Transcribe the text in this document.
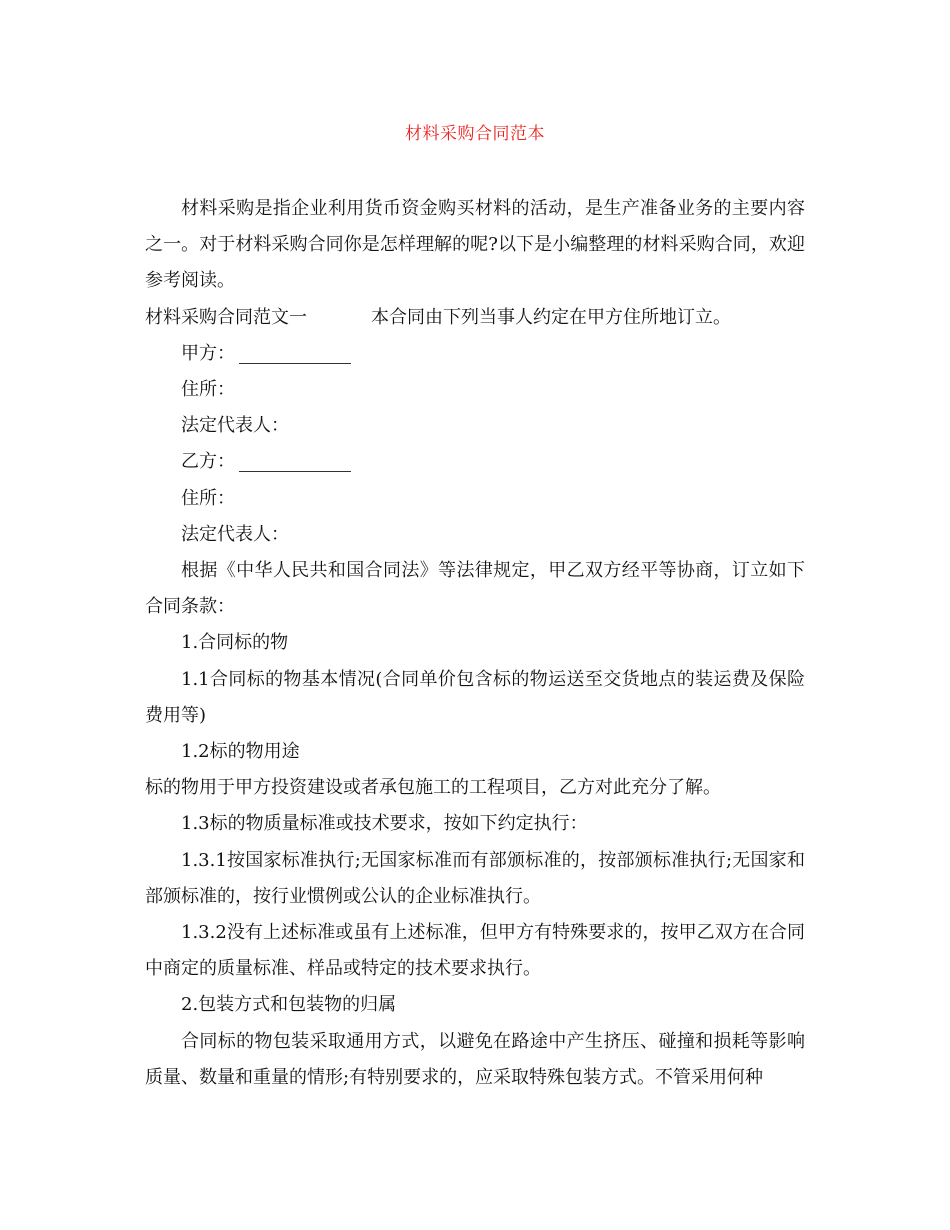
材料采购合同范本

材料采购是指企业利用货币资金购买材料的活动，是生产准备业务的主要内容之一。对于材料采购合同你是怎样理解的呢?以下是小编整理的材料采购合同，欢迎参考阅读。

材料采购合同范文一	本合同由下列当事人约定在甲方住所地订立。

甲方：

住所：

法定代表人：

乙方：

住所：

法定代表人：

根据《中华人民共和国合同法》等法律规定，甲乙双方经平等协商，订立如下合同条款：

1.合同标的物

1.1合同标的物基本情况(合同单价包含标的物运送至交货地点的装运费及保险费用等)

1.2标的物用途

标的物用于甲方投资建设或者承包施工的工程项目，乙方对此充分了解。

1.3标的物质量标准或技术要求，按如下约定执行：

1.3.1按国家标准执行;无国家标准而有部颁标准的，按部颁标准执行;无国家和部颁标准的，按行业惯例或公认的企业标准执行。

1.3.2没有上述标准或虽有上述标准，但甲方有特殊要求的，按甲乙双方在合同中商定的质量标准、样品或特定的技术要求执行。

2.包装方式和包装物的归属

合同标的物包装采取通用方式，以避免在路途中产生挤压、碰撞和损耗等影响质量、数量和重量的情形;有特别要求的，应采取特殊包装方式。不管采用何种
